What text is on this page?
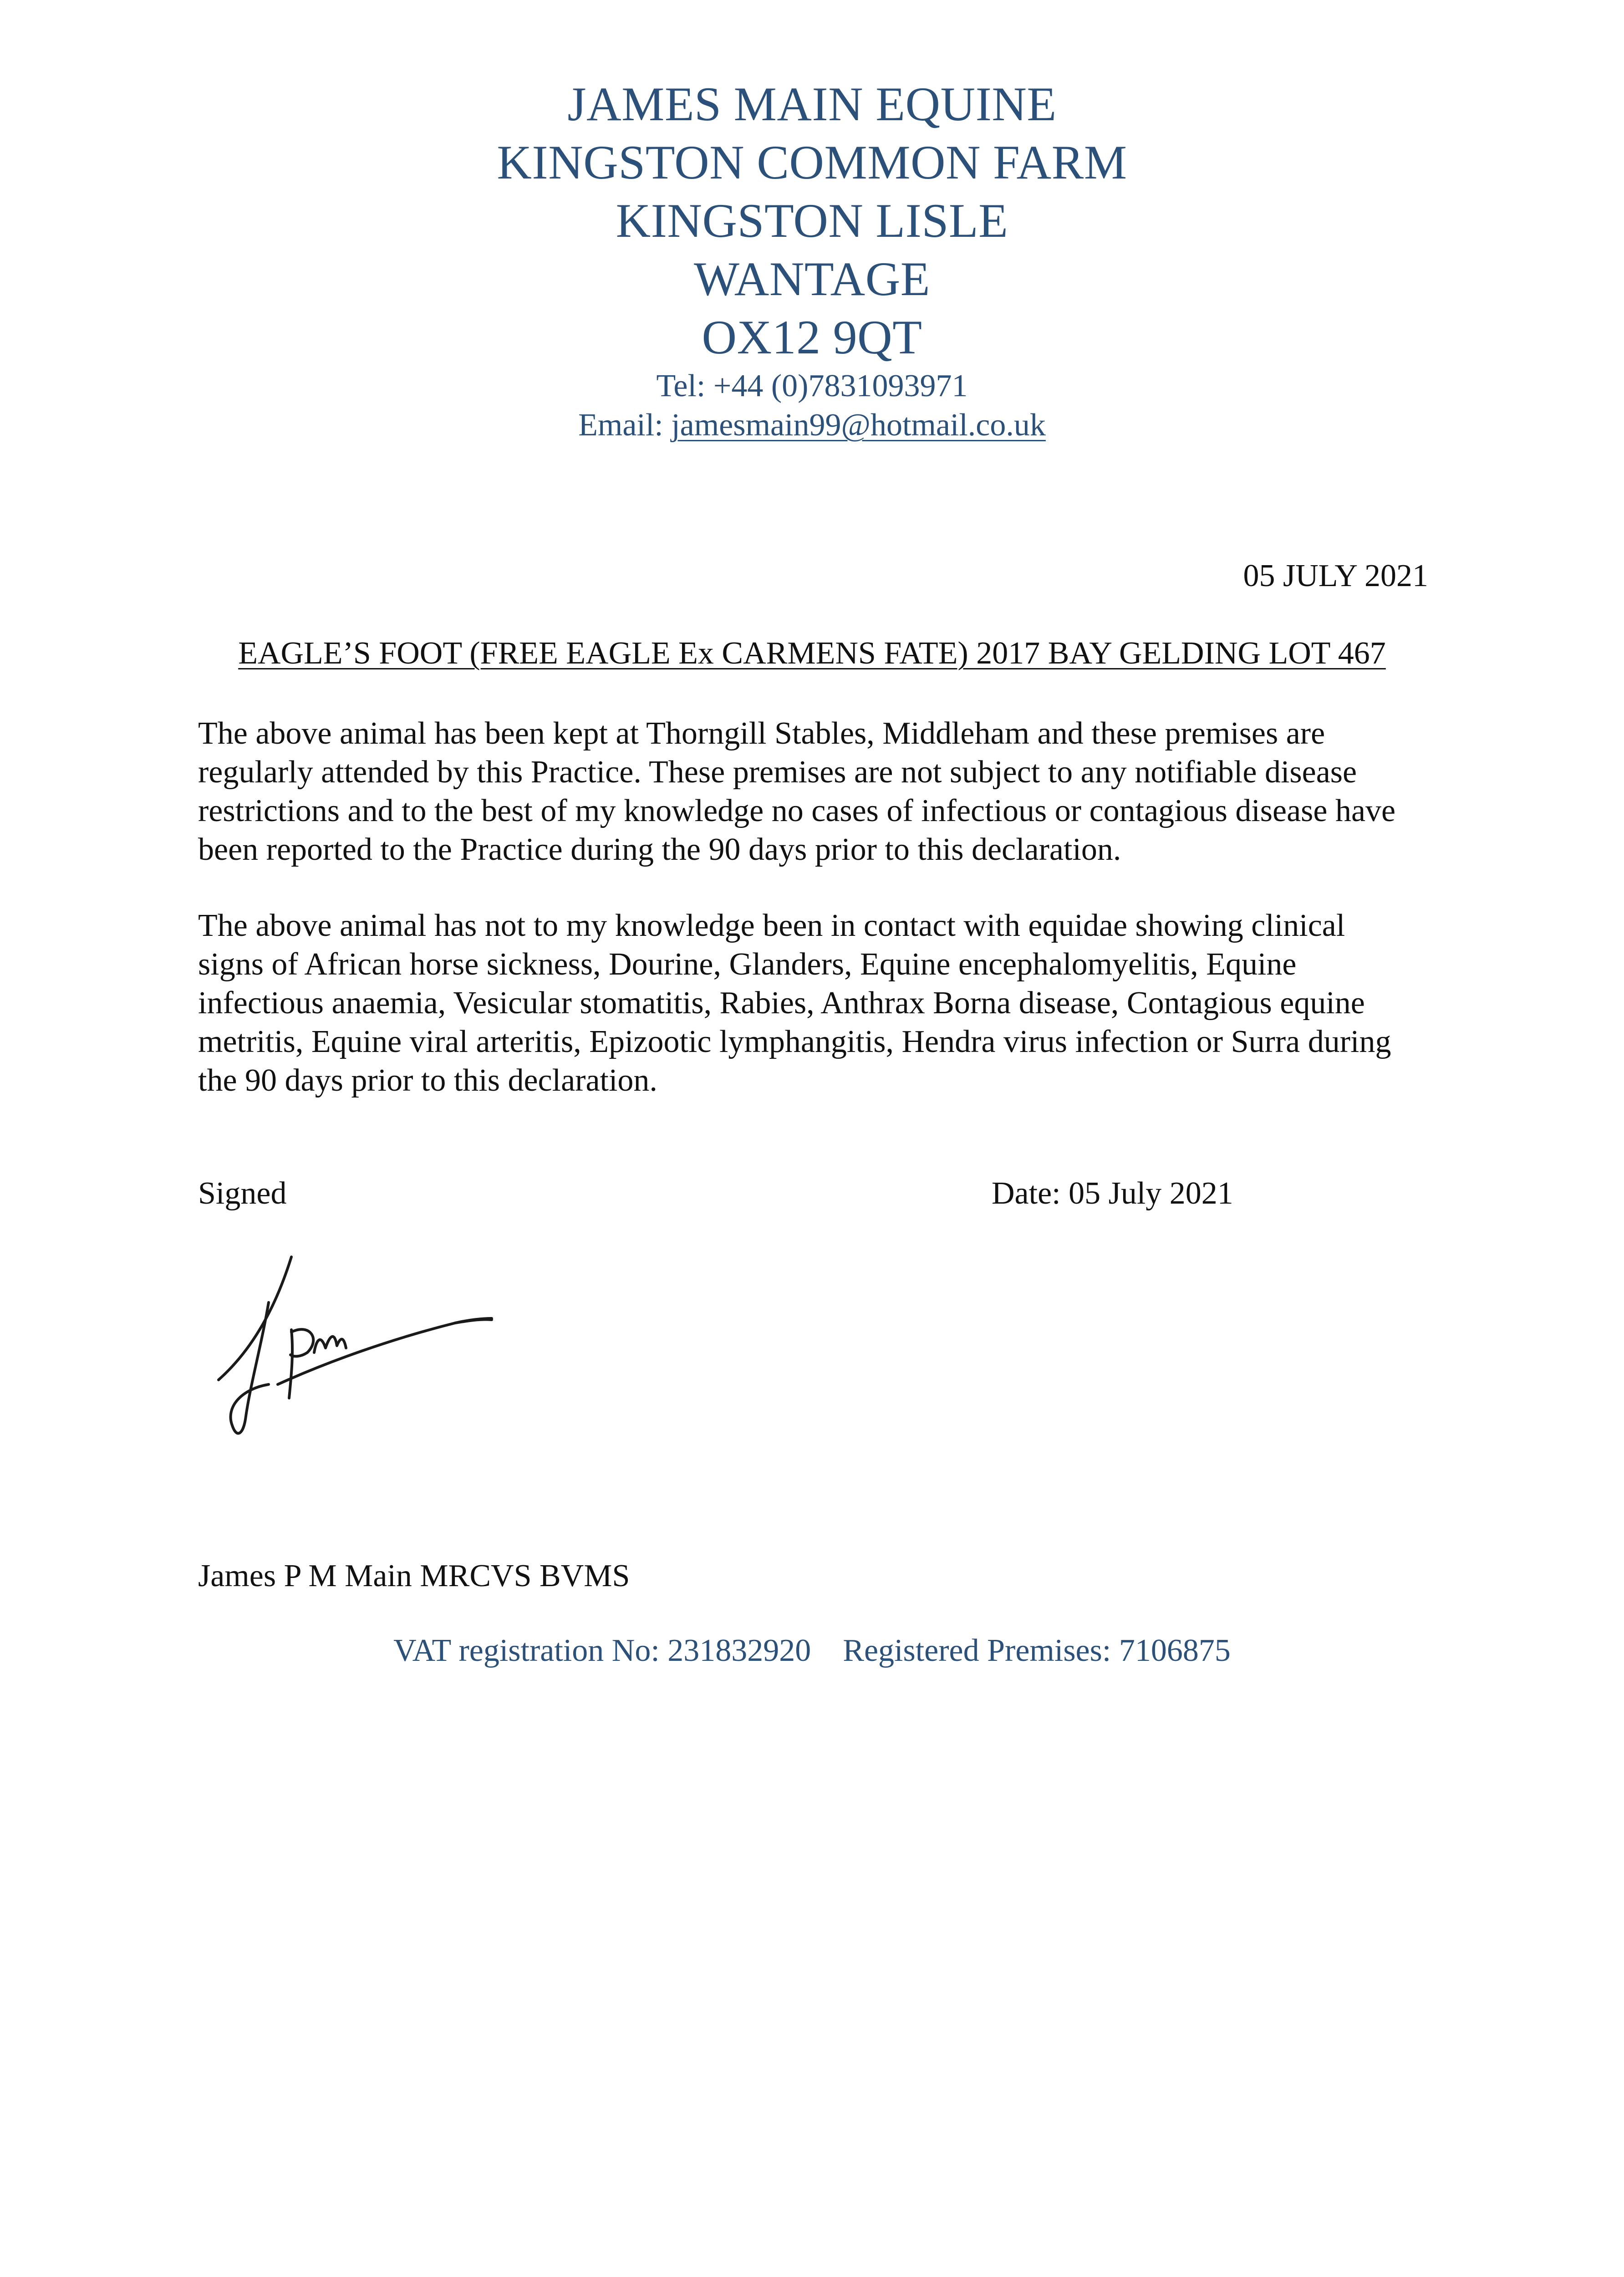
JAMES MAIN EQUINE
KINGSTON COMMON FARM
KINGSTON LISLE
WANTAGE
OX12 9QT
Tel: +44 (0)7831093971
Email: jamesmain99@hotmail.co.uk
05 JULY 2021
EAGLE’S FOOT (FREE EAGLE Ex CARMENS FATE) 2017 BAY GELDING LOT 467
The above animal has been kept at Thorngill Stables, Middleham and these premises are
regularly attended by this Practice. These premises are not subject to any notifiable disease
restrictions and to the best of my knowledge no cases of infectious or contagious disease have
been reported to the Practice during the 90 days prior to this declaration.
The above animal has not to my knowledge been in contact with equidae showing clinical
signs of African horse sickness, Dourine, Glanders, Equine encephalomyelitis, Equine
infectious anaemia, Vesicular stomatitis, Rabies, Anthrax Borna disease, Contagious equine
metritis, Equine viral arteritis, Epizootic lymphangitis, Hendra virus infection or Surra during
the 90 days prior to this declaration.
Signed	Date: 05 July 2021
James P M Main MRCVS BVMS
VAT registration No: 231832920 Registered Premises: 7106875
